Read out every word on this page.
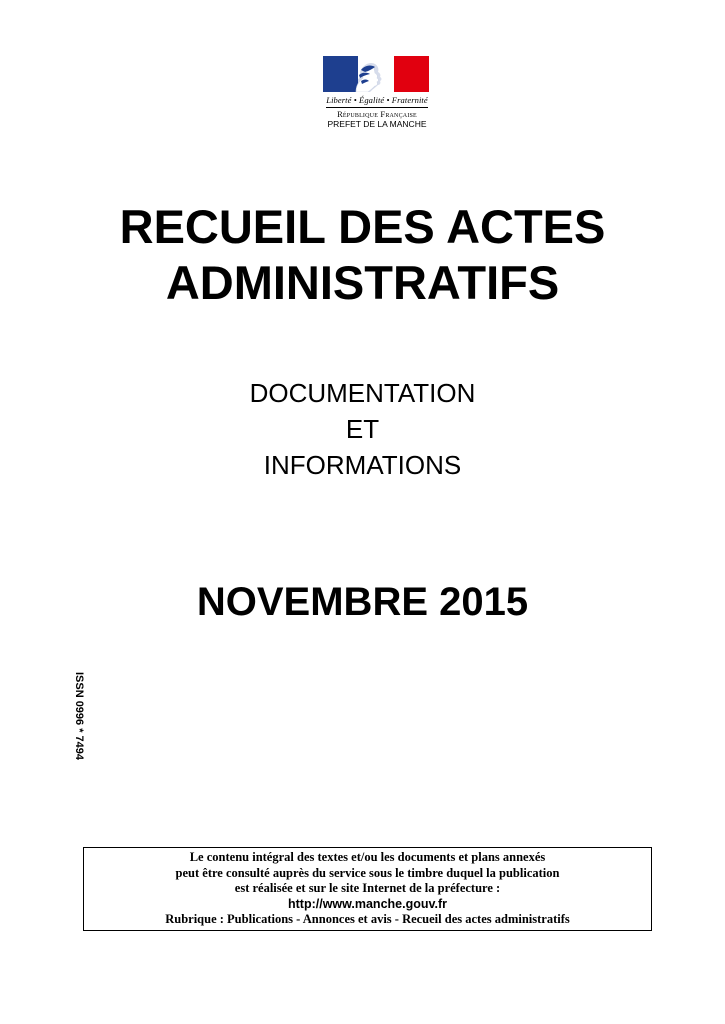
Liberté • Égalité • Fraternité
République Française
PREFET DE LA MANCHE
RECUEIL DES ACTES
ADMINISTRATIFS
DOCUMENTATION
ET
INFORMATIONS
NOVEMBRE 2015
ISSN 0996 * 7494
Le contenu intégral des textes et/ou les documents et plans annexés
peut être consulté auprès du service sous le timbre duquel la publication
est réalisée et sur le site Internet de la préfecture :
http://www.manche.gouv.fr
Rubrique : Publications - Annonces et avis - Recueil des actes administratifs
